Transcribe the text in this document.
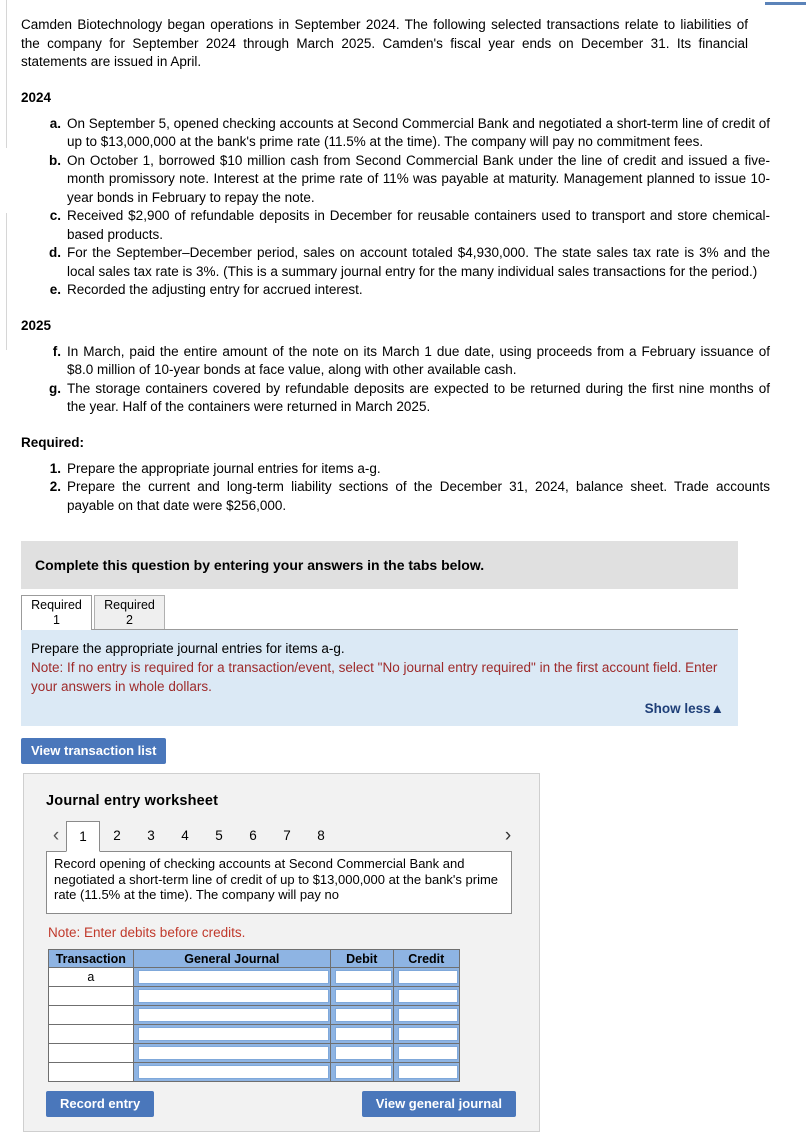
Camden Biotechnology began operations in September 2024. The following selected transactions relate to liabilities of the company for September 2024 through March 2025. Camden's fiscal year ends on December 31. Its financial statements are issued in April.

2024
a. On September 5, opened checking accounts at Second Commercial Bank and negotiated a short-term line of credit of up to $13,000,000 at the bank's prime rate (11.5% at the time). The company will pay no commitment fees.
b. On October 1, borrowed $10 million cash from Second Commercial Bank under the line of credit and issued a five-month promissory note. Interest at the prime rate of 11% was payable at maturity. Management planned to issue 10-year bonds in February to repay the note.
c. Received $2,900 of refundable deposits in December for reusable containers used to transport and store chemical-based products.
d. For the September–December period, sales on account totaled $4,930,000. The state sales tax rate is 3% and the local sales tax rate is 3%. (This is a summary journal entry for the many individual sales transactions for the period.)
e. Recorded the adjusting entry for accrued interest.
2025
f. In March, paid the entire amount of the note on its March 1 due date, using proceeds from a February issuance of $8.0 million of 10-year bonds at face value, along with other available cash.
g. The storage containers covered by refundable deposits are expected to be returned during the first nine months of the year. Half of the containers were returned in March 2025.
Required:
1. Prepare the appropriate journal entries for items a-g.
2. Prepare the current and long-term liability sections of the December 31, 2024, balance sheet. Trade accounts payable on that date were $256,000.
Complete this question by entering your answers in the tabs below.
Required
1
Required
2
Prepare the appropriate journal entries for items a-g.
Note: If no entry is required for a transaction/event, select "No journal entry required" in the first account field. Enter your answers in whole dollars.
Show less▲
View transaction list
Journal entry worksheet
‹	1	2	3	4	5	6	7	8	›
Record opening of checking accounts at Second Commercial Bank and negotiated a short-term line of credit of up to $13,000,000 at the bank's prime rate (11.5% at the time). The company will pay no
Note: Enter debits before credits.
Transaction	General Journal	Debit	Credit
a	

Record entry	View general journal
